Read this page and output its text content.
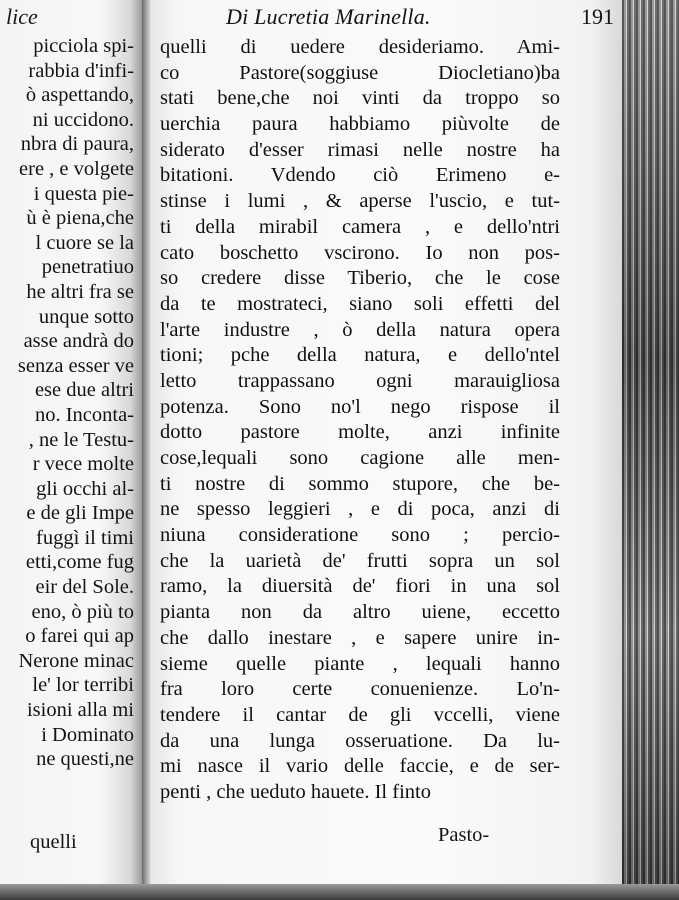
lice
picciola spi-
rabbia d'infi-
ò aspettando,
ni uccidono.
nbra di paura,
ere , e volgete
i questa pie-
ù è piena,che
l cuore se la
penetratiuo
he altri fra se
unque sotto
asse andrà do
senza esser ve
ese due altri
no. Inconta-
, ne le Testu-
r vece molte
gli occhi al-
e de gli Impe
fuggì il timi
etti,come fug
eir del Sole.
eno, ò più to
o farei qui ap
Nerone minac
le' lor terribi
isioni alla mi
i Dominato
ne questi,ne
quelli
Di Lucretia Marinella.	191
quelli di uedere desideriamo. Ami-
co Pastore(soggiuse Diocletiano)ba
stati bene,che noi vinti da troppo so
uerchia paura habbiamo piùvolte de
siderato d'esser rimasi nelle nostre ha
bitationi. Vdendo ciò Erimeno e-
stinse i lumi , & aperse l'uscio, e tut-
ti della mirabil camera , e dello'ntri
cato boschetto vscirono. Io non pos-
so credere disse Tiberio, che le cose
da te mostrateci, siano soli effetti del
l'arte industre , ò della natura opera
tioni; pche della natura, e dello'ntel
letto trappassano ogni marauigliosa
potenza. Sono no'l nego rispose il
dotto pastore molte, anzi infinite
cose,lequali sono cagione alle men-
ti nostre di sommo stupore, che be-
ne spesso leggieri , e di poca, anzi di
niuna consideratione sono ; percio-
che la uarietà de' frutti sopra un sol
ramo, la diuersità de' fiori in una sol
pianta non da altro uiene, eccetto
che dallo inestare , e sapere unire in-
sieme quelle piante , lequali hanno
fra loro certe conuenienze. Lo'n-
tendere il cantar de gli vccelli, viene
da una lunga osseruatione. Da lu-
mi nasce il vario delle faccie, e de ser-
penti , che ueduto hauete. Il finto
Pasto-
